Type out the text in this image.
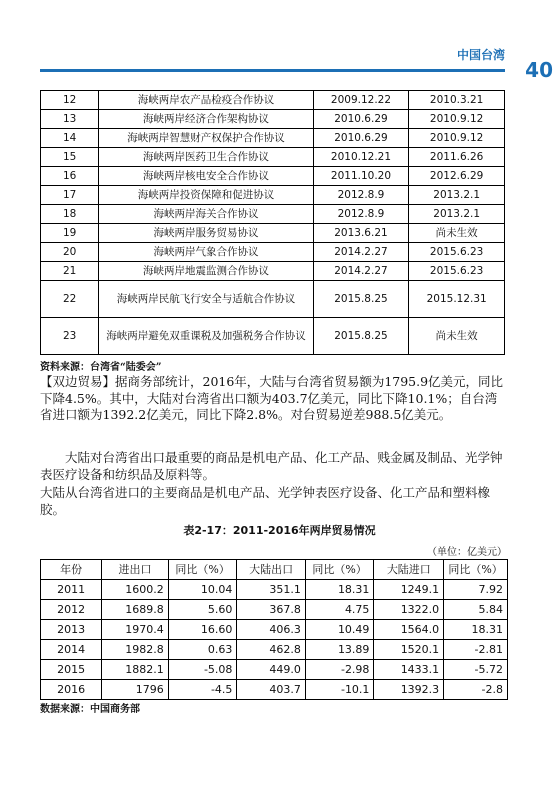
中国台湾
40
12	海峡两岸农产品检疫合作协议	2009.12.22	2010.3.21
13	海峡两岸经济合作架构协议	2010.6.29	2010.9.12
14	海峡两岸智慧财产权保护合作协议	2010.6.29	2010.9.12
15	海峡两岸医药卫生合作协议	2010.12.21	2011.6.26
16	海峡两岸核电安全合作协议	2011.10.20	2012.6.29
17	海峡两岸投资保障和促进协议	2012.8.9	2013.2.1
18	海峡两岸海关合作协议	2012.8.9	2013.2.1
19	海峡两岸服务贸易协议	2013.6.21	尚未生效
20	海峡两岸气象合作协议	2014.2.27	2015.6.23
21	海峡两岸地震监测合作协议	2014.2.27	2015.6.23
22	海峡两岸民航飞行安全与适航合作协议	2015.8.25	2015.12.31
23	海峡两岸避免双重课税及加强税务合作协议	2015.8.25	尚未生效
资料来源：台湾省“陆委会”
【双边贸易】据商务部统计，2016年，大陆与台湾省贸易额为1795.9亿美元，同比下降4.5%。其中，大陆对台湾省出口额为403.7亿美元，同比下降10.1%；自台湾省进口额为1392.2亿美元，同比下降2.8%。对台贸易逆差988.5亿美元。
大陆对台湾省出口最重要的商品是机电产品、化工产品、贱金属及制品、光学钟表医疗设备和纺织品及原料等。
大陆从台湾省进口的主要商品是机电产品、光学钟表医疗设备、化工产品和塑料橡胶。
表2-17：2011-2016年两岸贸易情况
（单位：亿美元）
年份	进出口	同比（%）	大陆出口	同比（%）	大陆进口	同比（%）
2011	1600.2	10.04	351.1	18.31	1249.1	7.92
2012	1689.8	5.60	367.8	4.75	1322.0	5.84
2013	1970.4	16.60	406.3	10.49	1564.0	18.31
2014	1982.8	0.63	462.8	13.89	1520.1	-2.81
2015	1882.1	-5.08	449.0	-2.98	1433.1	-5.72
2016	1796	-4.5	403.7	-10.1	1392.3	-2.8
数据来源：中国商务部
